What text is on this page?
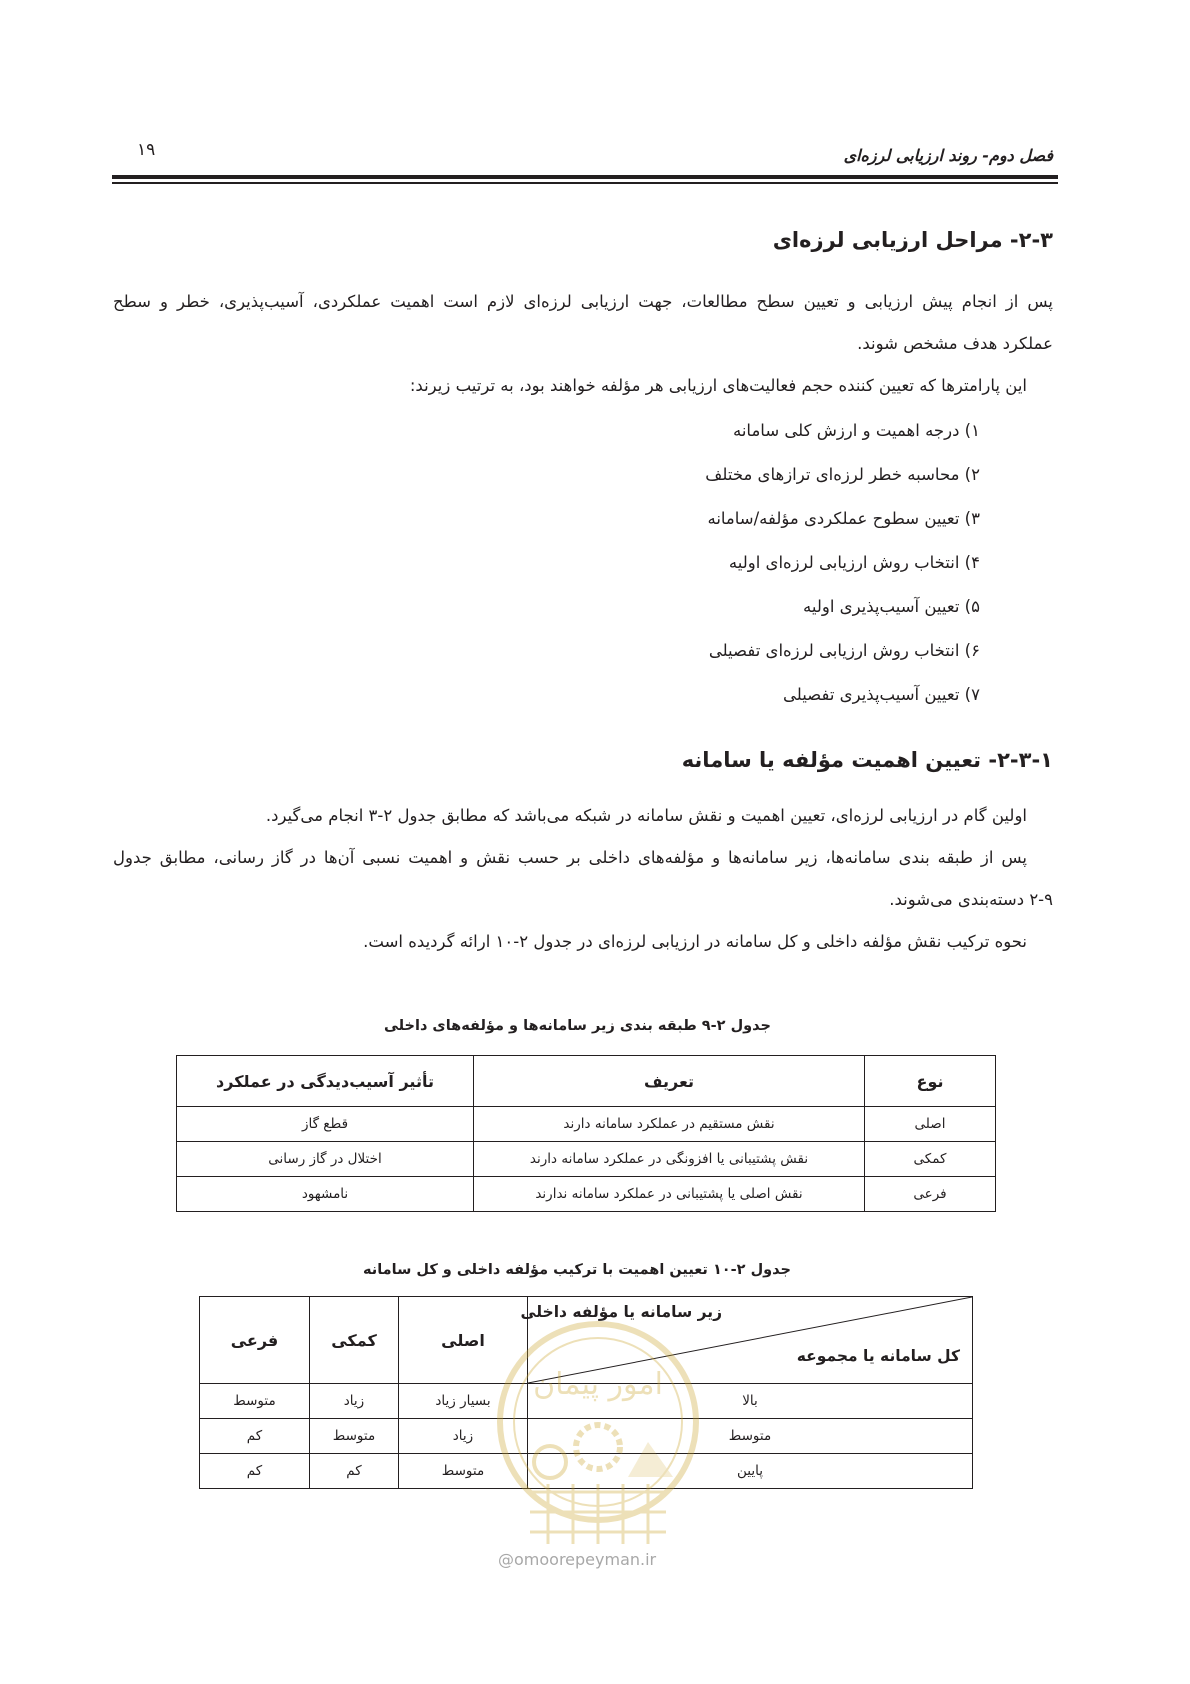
فصل دوم- روند ارزیابی لرزه‌ای
۱۹
۲-۳- مراحل ارزیابی لرزه‌ای
پس از انجام پیش ارزیابی و تعیین سطح مطالعات، جهت ارزیابی لرزه‌ای لازم است اهمیت عملکردی، آسیب‌پذیری، خطر و سطح
عملکرد هدف مشخص شوند.
این پارامترها که تعیین کننده حجم فعالیت‌های ارزیابی هر مؤلفه خواهند بود، به ترتیب زیرند:
۱) درجه اهمیت و ارزش کلی سامانه
۲) محاسبه خطر لرزه‌ای ترازهای مختلف
۳) تعیین سطوح عملکردی مؤلفه/سامانه
۴) انتخاب روش ارزیابی لرزه‌ای اولیه
۵) تعیین آسیب‌پذیری اولیه
۶) انتخاب روش ارزیابی لرزه‌ای تفصیلی
۷) تعیین آسیب‌پذیری تفصیلی
۲-۳-۱- تعیین اهمیت مؤلفه یا سامانه
اولین گام در ارزیابی لرزه‌ای، تعیین اهمیت و نقش سامانه در شبکه می‌باشد که مطابق جدول ۲-۳ انجام می‌گیرد.
پس از طبقه بندی سامانه‌ها، زیر سامانه‌ها و مؤلفه‌های داخلی بر حسب نقش و اهمیت نسبی آن‌ها در گاز رسانی، مطابق جدول
۲-۹ دسته‌بندی می‌شوند.
نحوه ترکیب نقش مؤلفه داخلی و کل سامانه در ارزیابی لرزه‌ای در جدول ۲-۱۰ ارائه گردیده است.
جدول ۲-۹ طبقه بندی زیر سامانه‌ها و مؤلفه‌های داخلی
نوع	تعریف	تأثیر آسیب‌دیدگی در عملکرد
اصلی	نقش مستقیم در عملکرد سامانه دارند	قطع گاز
کمکی	نقش پشتیبانی یا افزونگی در عملکرد سامانه دارند	اختلال در گاز رسانی
فرعی	نقش اصلی یا پشتیبانی در عملکرد سامانه ندارند	نامشهود
جدول ۲-۱۰ تعیین اهمیت با ترکیب مؤلفه داخلی و کل سامانه
زیر سامانه یا مؤلفه داخلی
کل سامانه یا مجموعه	اصلی	کمکی	فرعی
بالا	بسیار زیاد	زیاد	متوسط
متوسط	زیاد	متوسط	کم
پایین	متوسط	کم	کم
امور پیمان
@omoorepeyman.ir
